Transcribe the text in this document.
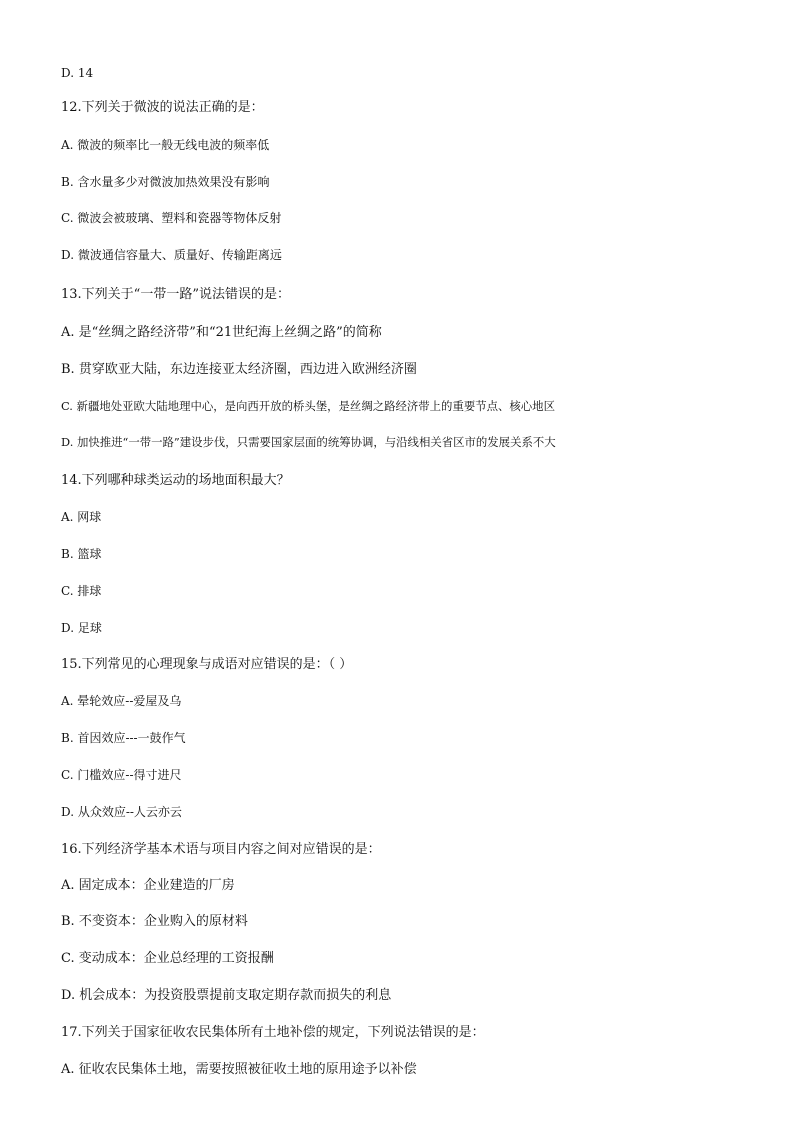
D. 14
12.下列关于微波的说法正确的是：
A. 微波的频率比一般无线电波的频率低
B. 含水量多少对微波加热效果没有影响
C. 微波会被玻璃、塑料和瓷器等物体反射
D. 微波通信容量大、质量好、传输距离远
13.下列关于“一带一路”说法错误的是：
A. 是“丝绸之路经济带”和“21世纪海上丝绸之路”的简称
B. 贯穿欧亚大陆，东边连接亚太经济圈，西边进入欧洲经济圈
C. 新疆地处亚欧大陆地理中心，是向西开放的桥头堡，是丝绸之路经济带上的重要节点、核心地区
D. 加快推进“一带一路”建设步伐，只需要国家层面的统筹协调，与沿线相关省区市的发展关系不大
14.下列哪种球类运动的场地面积最大？
A. 网球
B. 篮球
C. 排球
D. 足球
15.下列常见的心理现象与成语对应错误的是：（ ）
A. 晕轮效应--爱屋及乌
B. 首因效应---一鼓作气
C. 门槛效应--得寸进尺
D. 从众效应--人云亦云
16.下列经济学基本术语与项目内容之间对应错误的是：
A. 固定成本：企业建造的厂房
B. 不变资本：企业购入的原材料
C. 变动成本：企业总经理的工资报酬
D. 机会成本：为投资股票提前支取定期存款而损失的利息
17.下列关于国家征收农民集体所有土地补偿的规定，下列说法错误的是：
A. 征收农民集体土地，需要按照被征收土地的原用途予以补偿
